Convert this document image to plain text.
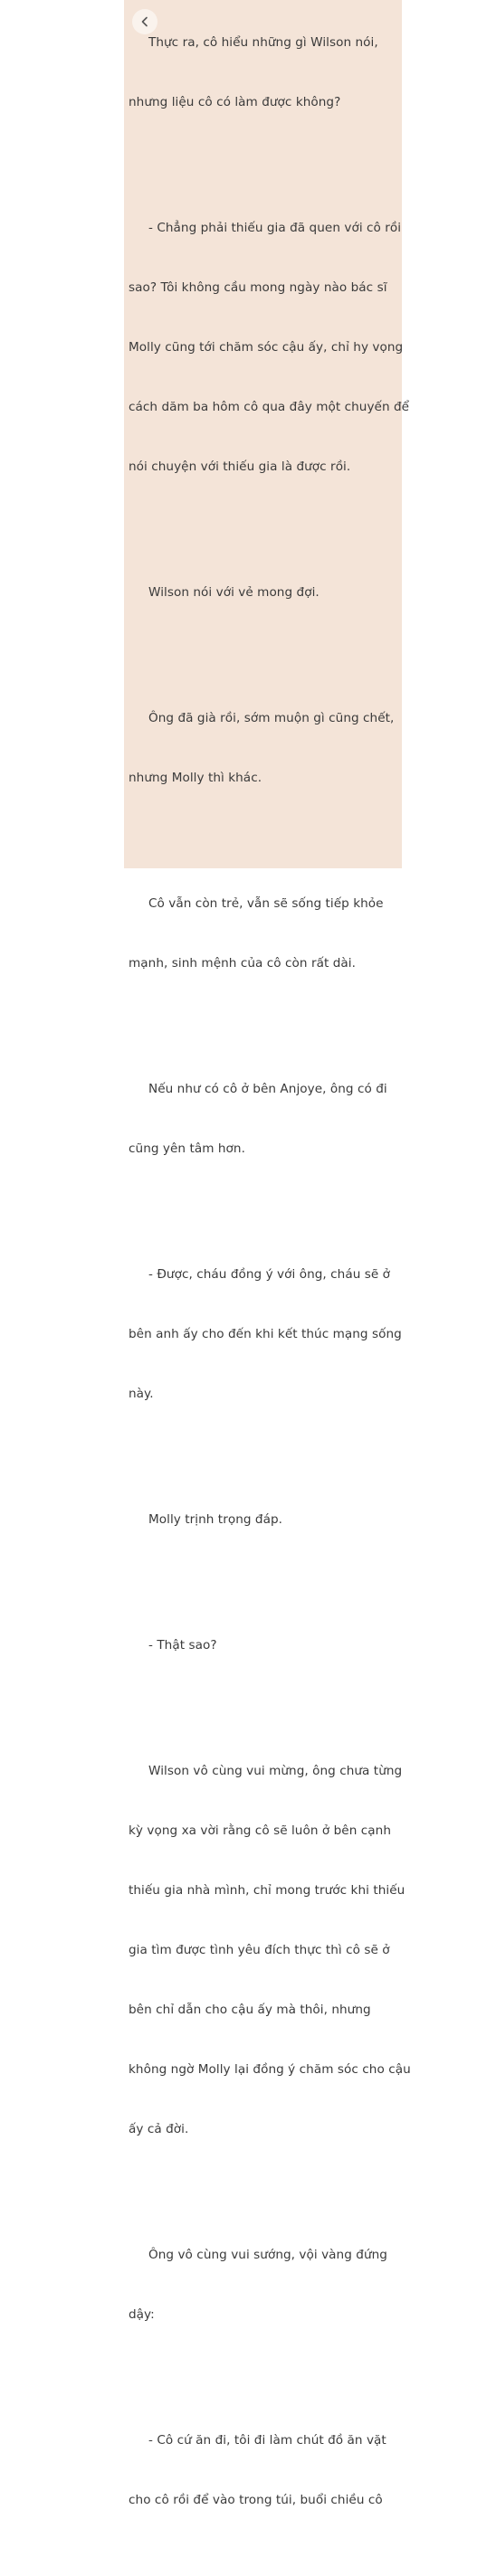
Thực ra, cô hiểu những gì Wilson nói,

nhưng liệu cô có làm được không?

- Chẳng phải thiếu gia đã quen với cô rồi

sao? Tôi không cầu mong ngày nào bác sĩ

Molly cũng tới chăm sóc cậu ấy, chỉ hy vọng

cách dăm ba hôm cô qua đây một chuyến để

nói chuyện với thiếu gia là được rồi.

Wilson nói với vẻ mong đợi.

Ông đã già rồi, sớm muộn gì cũng chết,

nhưng Molly thì khác.

Cô vẫn còn trẻ, vẫn sẽ sống tiếp khỏe

mạnh, sinh mệnh của cô còn rất dài.

Nếu như có cô ở bên Anjoye, ông có đi

cũng yên tâm hơn.

- Được, cháu đồng ý với ông, cháu sẽ ở

bên anh ấy cho đến khi kết thúc mạng sống

này.

Molly trịnh trọng đáp.

- Thật sao?

Wilson vô cùng vui mừng, ông chưa từng

kỳ vọng xa vời rằng cô sẽ luôn ở bên cạnh

thiếu gia nhà mình, chỉ mong trước khi thiếu

gia tìm được tình yêu đích thực thì cô sẽ ở

bên chỉ dẫn cho cậu ấy mà thôi, nhưng

không ngờ Molly lại đồng ý chăm sóc cho cậu

ấy cả đời.

Ông vô cùng vui sướng, vội vàng đứng

dậy:

- Cô cứ ăn đi, tôi đi làm chút đồ ăn vặt

cho cô rồi để vào trong túi, buổi chiều cô
